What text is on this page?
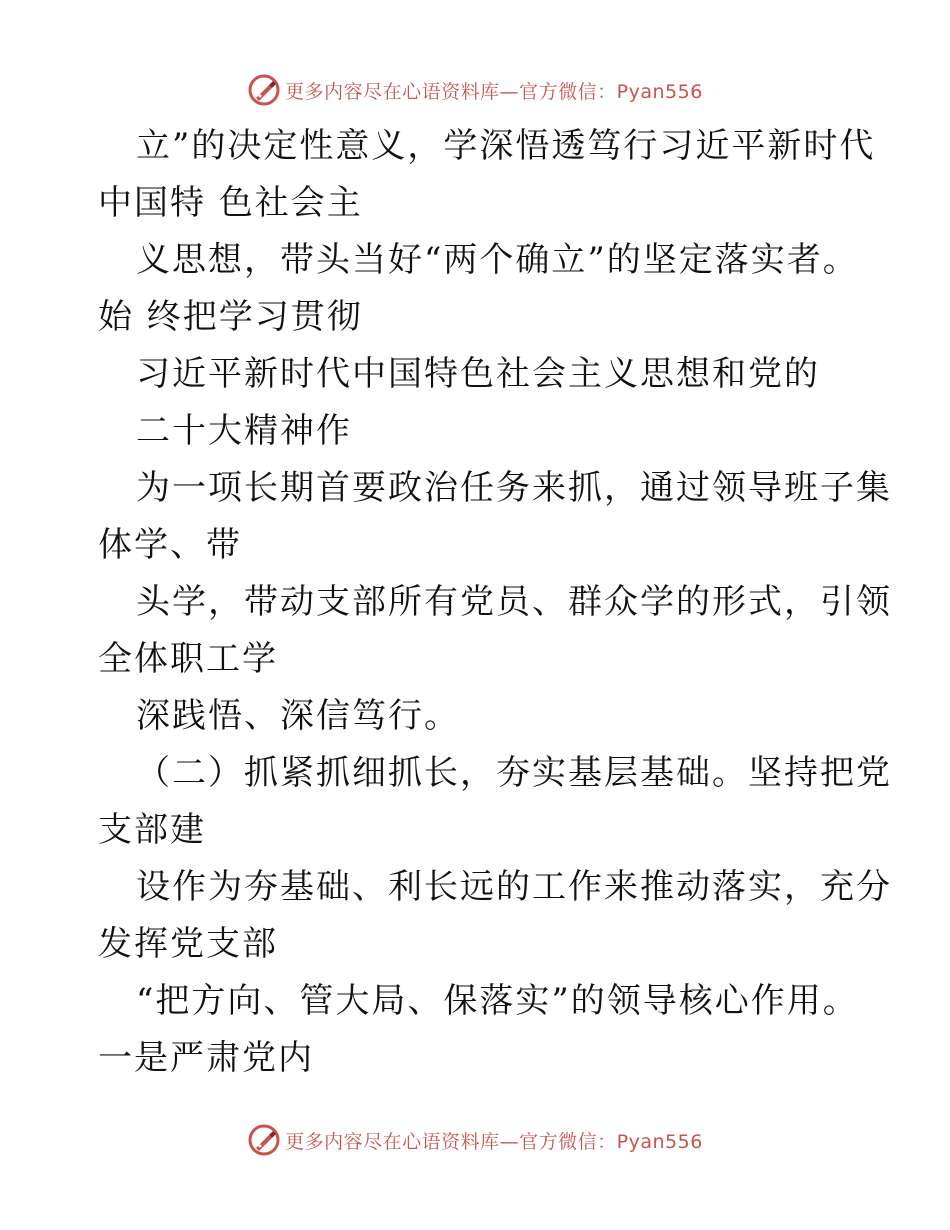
更多内容尽在心语资料库—官方微信：Pyan556
立”的决定性意义，学深悟透笃行习近平新时代
中国特 色社会主
义思想，带头当好“两个确立”的坚定落实者。
始 终把学习贯彻
习近平新时代中国特色社会主义思想和党的
二十大精神作
为一项长期首要政治任务来抓，通过领导班子集
体学、带
头学，带动支部所有党员、群众学的形式，引领
全体职工学
深践悟、深信笃行。
（二）抓紧抓细抓长，夯实基层基础。坚持把党
支部建
设作为夯基础、利长远的工作来推动落实，充分
发挥党支部
“把方向、管大局、保落实”的领导核心作用。
一是严肃党内
更多内容尽在心语资料库—官方微信：Pyan556
